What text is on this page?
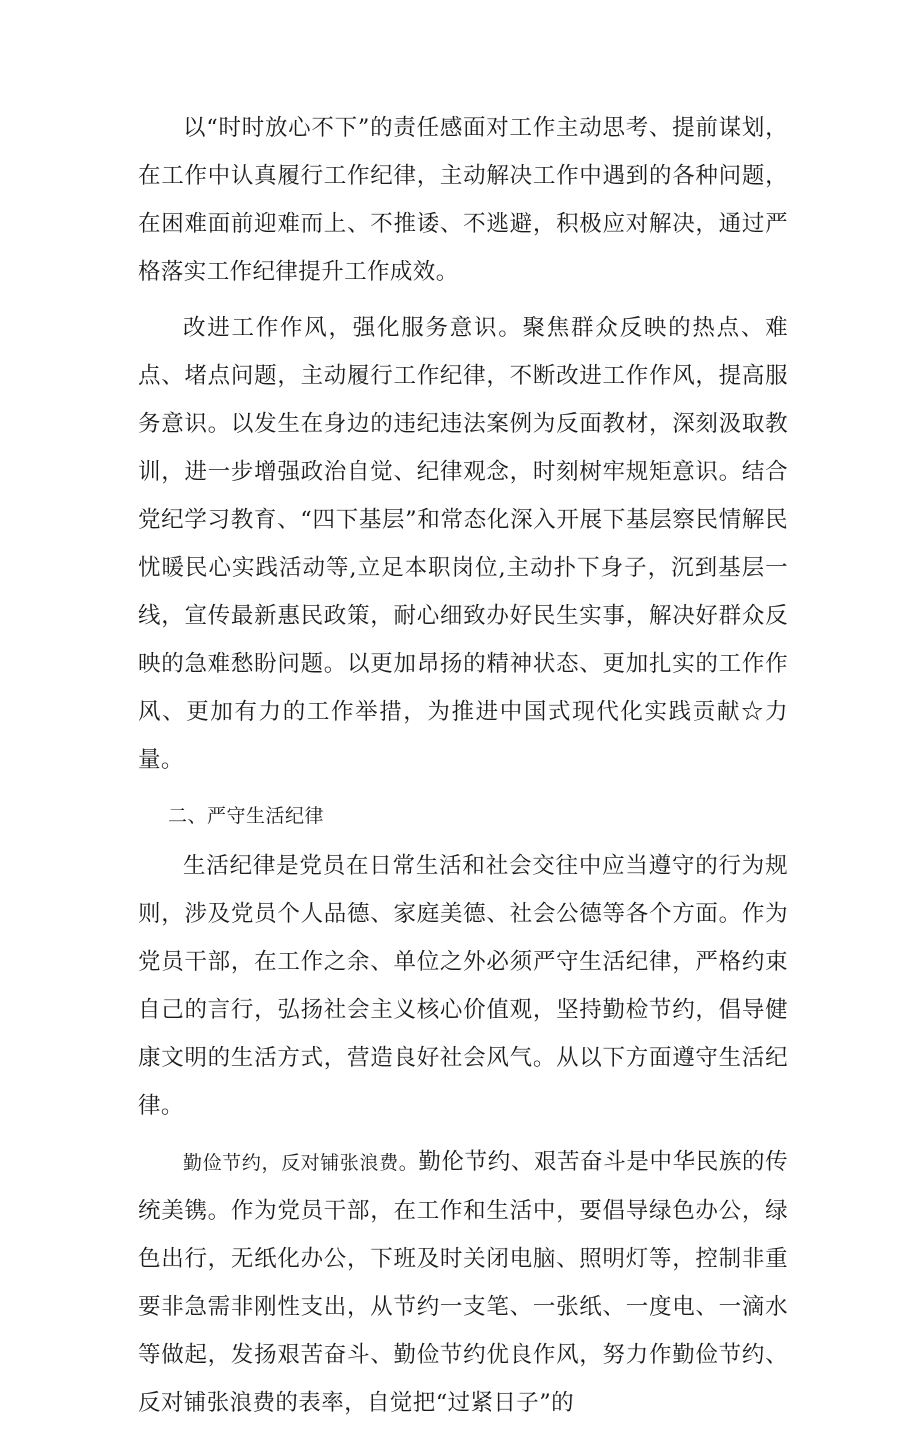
以“时时放心不下”的责任感面对工作主动思考、提前谋划，在工作中认真履行工作纪律，主动解决工作中遇到的各种问题，在困难面前迎难而上、不推诿、不逃避，积极应对解决，通过严格落实工作纪律提升工作成效。

改进工作作风，强化服务意识。聚焦群众反映的热点、难点、堵点问题，主动履行工作纪律，不断改进工作作风，提高服务意识。以发生在身边的违纪违法案例为反面教材，深刻汲取教训，进一步增强政治自觉、纪律观念，时刻树牢规矩意识。结合党纪学习教育、“四下基层”和常态化深入开展下基层察民情解民忧暖民心实践活动等,立足本职岗位,主动扑下身子，沉到基层一线，宣传最新惠民政策，耐心细致办好民生实事，解决好群众反映的急难愁盼问题。以更加昂扬的精神状态、更加扎实的工作作风、更加有力的工作举措，为推进中国式现代化实践贡献☆力量。

二、严守生活纪律

生活纪律是党员在日常生活和社会交往中应当遵守的行为规则，涉及党员个人品德、家庭美德、社会公德等各个方面。作为党员干部，在工作之余、单位之外必须严守生活纪律，严格约束自己的言行，弘扬社会主义核心价值观，坚持勤检节约，倡导健康文明的生活方式，营造良好社会风气。从以下方面遵守生活纪律。

勤俭节约，反对铺张浪费。勤伦节约、艰苦奋斗是中华民族的传统美镌。作为党员干部，在工作和生活中，要倡导绿色办公，绿色出行，无纸化办公，下班及时关闭电脑、照明灯等，控制非重要非急需非刚性支出，从节约一支笔、一张纸、一度电、一滴水等做起，发扬艰苦奋斗、勤俭节约优良作风，努力作勤俭节约、反对铺张浪费的表率，自觉把“过紧日子”的
